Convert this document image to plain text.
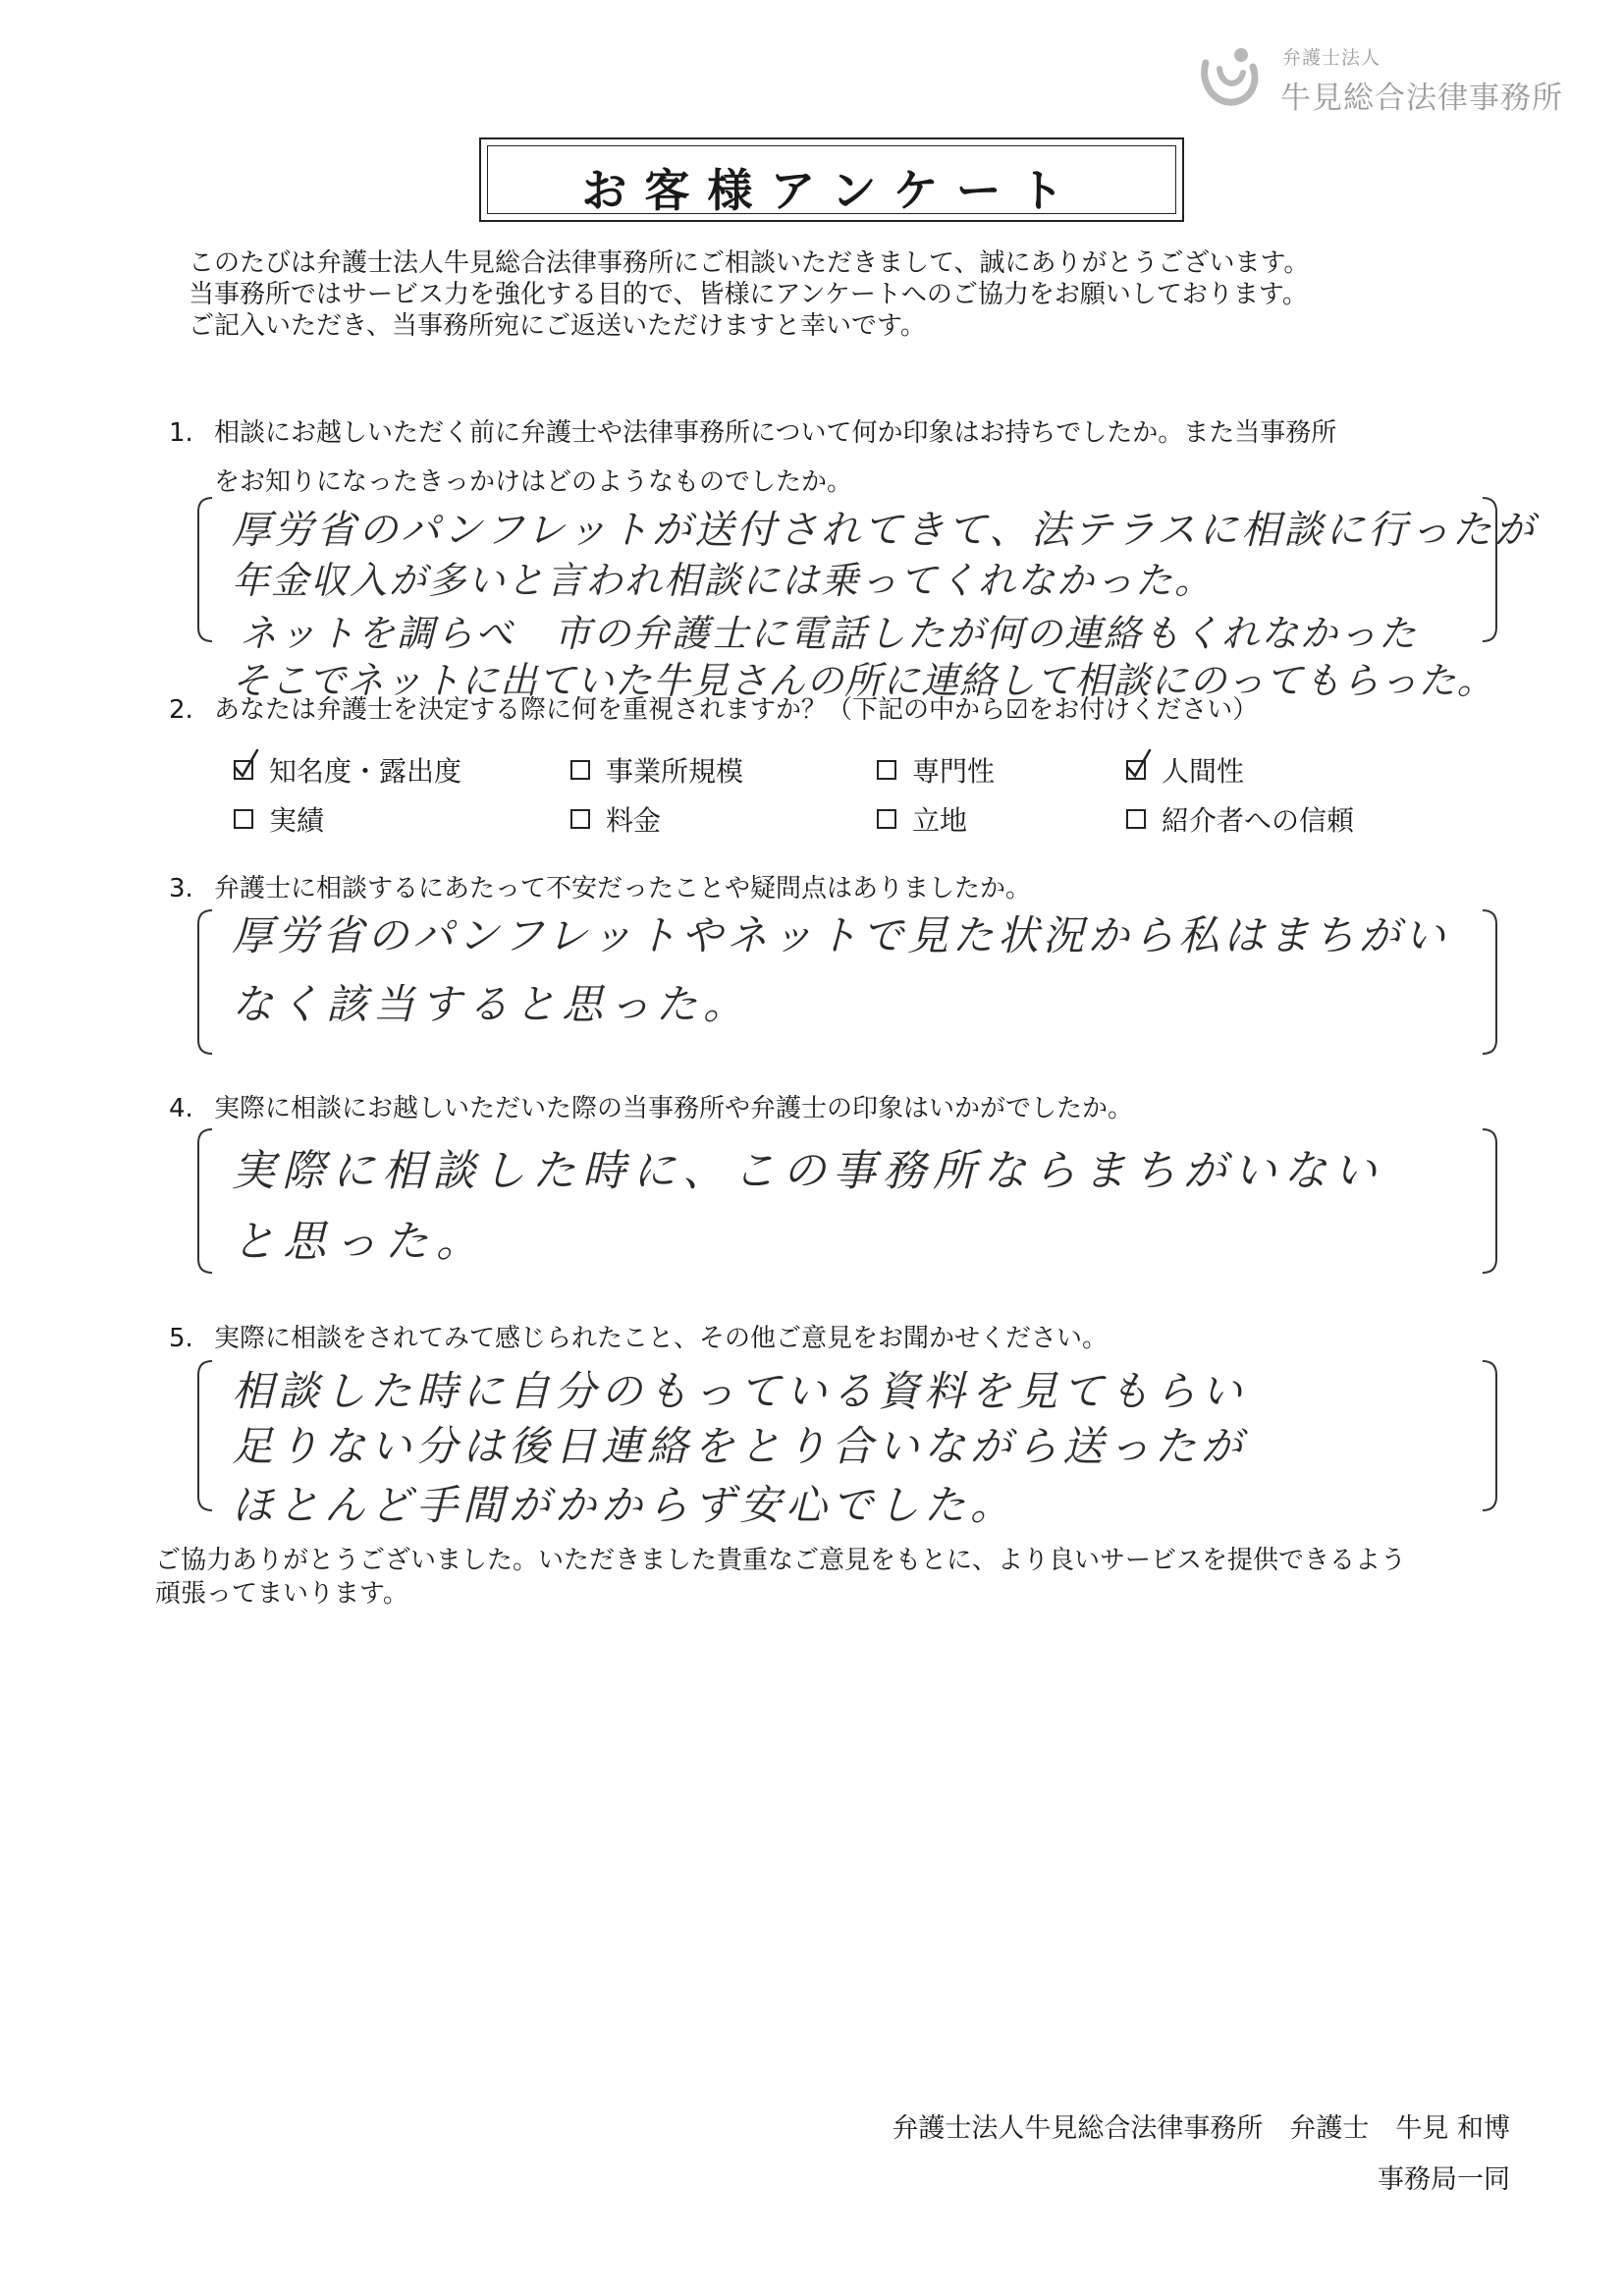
弁護士法人
牛見総合法律事務所
お客様アンケート
このたびは弁護士法人牛見総合法律事務所にご相談いただきまして、誠にありがとうございます。
当事務所ではサービス力を強化する目的で、皆様にアンケートへのご協力をお願いしております。
ご記入いただき、当事務所宛にご返送いただけますと幸いです。
1. 相談にお越しいただく前に弁護士や法律事務所について何か印象はお持ちでしたか。また当事務所
をお知りになったきっかけはどのようなものでしたか。
厚労省のパンフレットが送付されてきて、法テラスに相談に行ったが
年金収入が多いと言われ相談には乗ってくれなかった。
ネットを調らべ　市の弁護士に電話したが何の連絡もくれなかった
そこでネットに出ていた牛見さんの所に連絡して相談にのってもらった。
2. あなたは弁護士を決定する際に何を重視されますか？（下記の中から☑をお付けください）
知名度・露出度	事業所規模	専門性	人間性
実績	料金	立地	紹介者への信頼
3. 弁護士に相談するにあたって不安だったことや疑問点はありましたか。
厚労省のパンフレットやネットで見た状況から私はまちがい
なく該当すると思った。
4. 実際に相談にお越しいただいた際の当事務所や弁護士の印象はいかがでしたか。
実際に相談した時に、この事務所ならまちがいない
と思った。
5. 実際に相談をされてみて感じられたこと、その他ご意見をお聞かせください。
相談した時に自分のもっている資料を見てもらい
足りない分は後日連絡をとり合いながら送ったが
ほとんど手間がかからず安心でした。
ご協力ありがとうございました。いただきました貴重なご意見をもとに、より良いサービスを提供できるよう
頑張ってまいります。
弁護士法人牛見総合法律事務所　弁護士　牛見 和博
事務局一同
